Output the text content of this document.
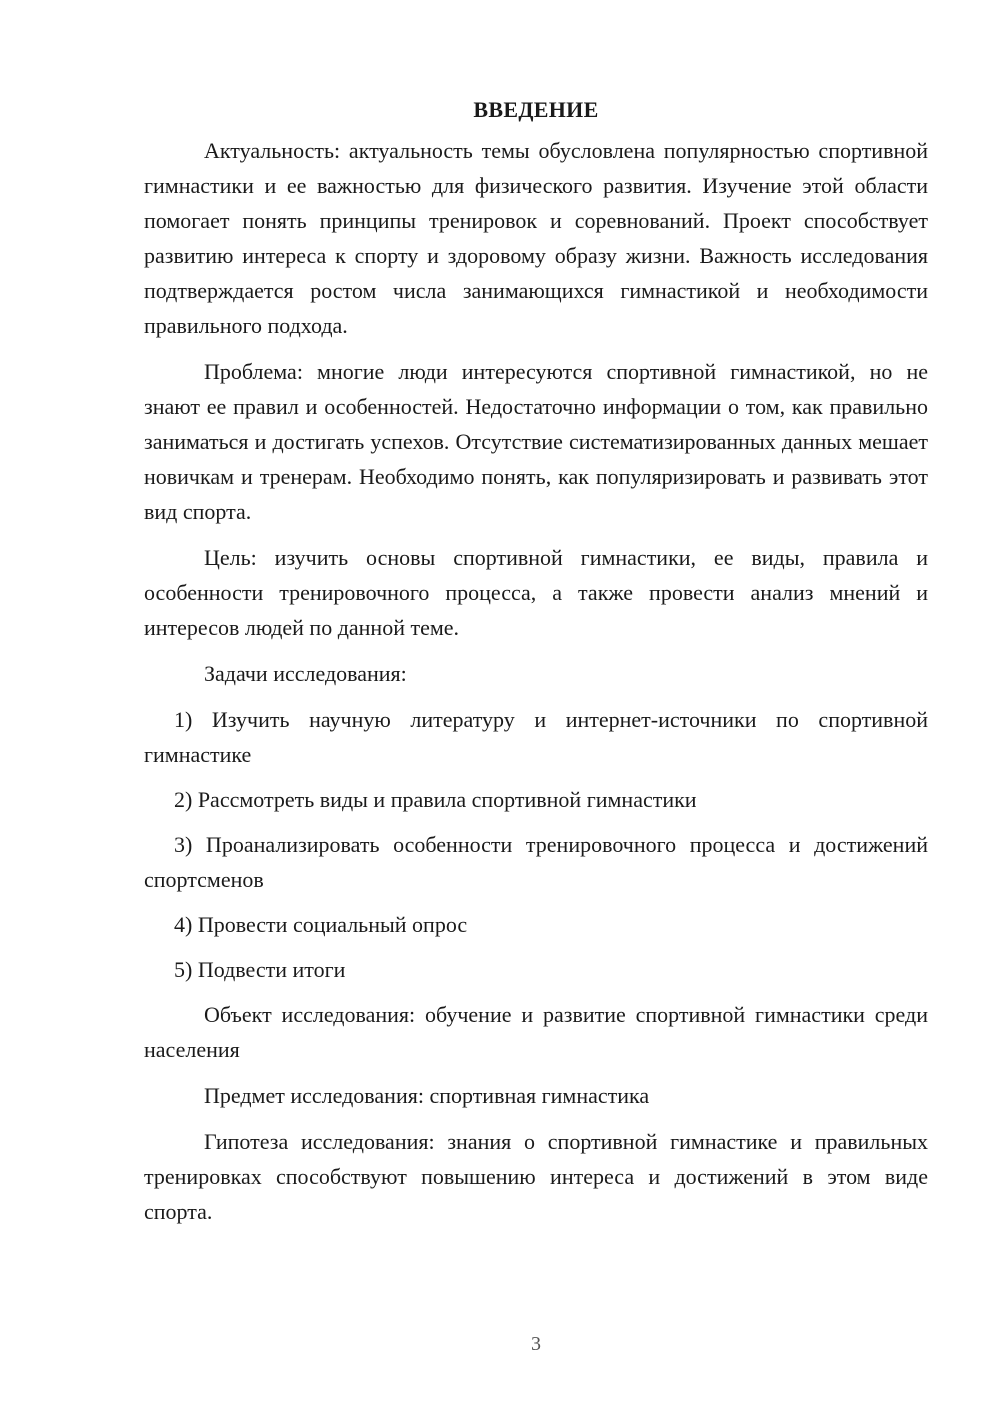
ВВЕДЕНИЕ

Актуальность: актуальность темы обусловлена популярностью спортивной гимнастики и ее важностью для физического развития. Изучение этой области помогает понять принципы тренировок и соревнований. Проект способствует развитию интереса к спорту и здоровому образу жизни. Важность исследования подтверждается ростом числа занимающихся гимнастикой и необходимости правильного подхода.

Проблема: многие люди интересуются спортивной гимнастикой, но не знают ее правил и особенностей. Недостаточно информации о том, как правильно заниматься и достигать успехов. Отсутствие систематизированных данных мешает новичкам и тренерам. Необходимо понять, как популяризировать и развивать этот вид спорта.

Цель: изучить основы спортивной гимнастики, ее виды, правила и особенности тренировочного процесса, а также провести анализ мнений и интересов людей по данной теме.

Задачи исследования:

1) Изучить научную литературу и интернет-источники по спортивной гимнастике

2) Рассмотреть виды и правила спортивной гимнастики

3) Проанализировать особенности тренировочного процесса и достижений спортсменов

4) Провести социальный опрос

5) Подвести итоги

Объект исследования: обучение и развитие спортивной гимнастики среди населения

Предмет исследования: спортивная гимнастика

Гипотеза исследования: знания о спортивной гимнастике и правильных тренировках способствуют повышению интереса и достижений в этом виде спорта.

3
